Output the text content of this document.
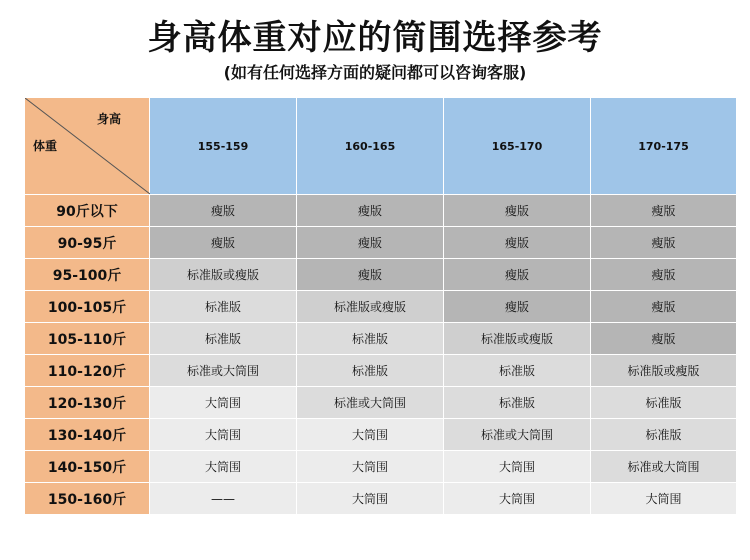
身高体重对应的筒围选择参考
(如有任何选择方面的疑问都可以咨询客服)
身高
体重	155-159	160-165	165-170	170-175
90斤以下	瘦版	瘦版	瘦版	瘦版
90-95斤	瘦版	瘦版	瘦版	瘦版
95-100斤	标准版或瘦版	瘦版	瘦版	瘦版
100-105斤	标准版	标准版或瘦版	瘦版	瘦版
105-110斤	标准版	标准版	标准版或瘦版	瘦版
110-120斤	标准或大筒围	标准版	标准版	标准版或瘦版
120-130斤	大筒围	标准或大筒围	标准版	标准版
130-140斤	大筒围	大筒围	标准或大筒围	标准版
140-150斤	大筒围	大筒围	大筒围	标准或大筒围
150-160斤	——	大筒围	大筒围	大筒围
